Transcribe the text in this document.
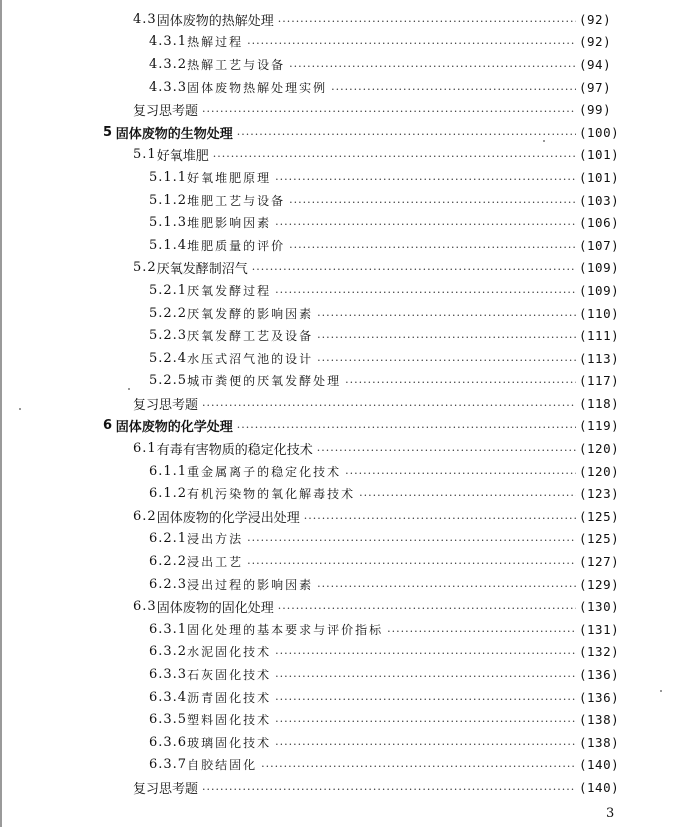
4.3 固体废物的热解处理 ·····	(92)
4.3.1 热解过程 ·····	(92)
4.3.2 热解工艺与设备 ·····	(94)
4.3.3 固体废物热解处理实例 ·····	(97)
复习思考题 ·····	(99)
5 固体废物的生物处理 ·····	(100)
5.1 好氧堆肥 ·····	(101)
5.1.1 好氧堆肥原理 ·····	(101)
5.1.2 堆肥工艺与设备 ·····	(103)
5.1.3 堆肥影响因素 ·····	(106)
5.1.4 堆肥质量的评价 ·····	(107)
5.2 厌氧发酵制沼气 ·····	(109)
5.2.1 厌氧发酵过程 ·····	(109)
5.2.2 厌氧发酵的影响因素 ·····	(110)
5.2.3 厌氧发酵工艺及设备 ·····	(111)
5.2.4 水压式沼气池的设计 ·····	(113)
5.2.5 城市粪便的厌氧发酵处理 ·····	(117)
复习思考题 ·····	(118)
6 固体废物的化学处理 ·····	(119)
6.1 有毒有害物质的稳定化技术 ·····	(120)
6.1.1 重金属离子的稳定化技术 ·····	(120)
6.1.2 有机污染物的氧化解毒技术 ·····	(123)
6.2 固体废物的化学浸出处理 ·····	(125)
6.2.1 浸出方法 ·····	(125)
6.2.2 浸出工艺 ·····	(127)
6.2.3 浸出过程的影响因素 ·····	(129)
6.3 固体废物的固化处理 ·····	(130)
6.3.1 固化处理的基本要求与评价指标 ·····	(131)
6.3.2 水泥固化技术 ·····	(132)
6.3.3 石灰固化技术 ·····	(136)
6.3.4 沥青固化技术 ·····	(136)
6.3.5 塑料固化技术 ·····	(138)
6.3.6 玻璃固化技术 ·····	(138)
6.3.7 自胶结固化 ·····	(140)
复习思考题 ·····	(140)
3
